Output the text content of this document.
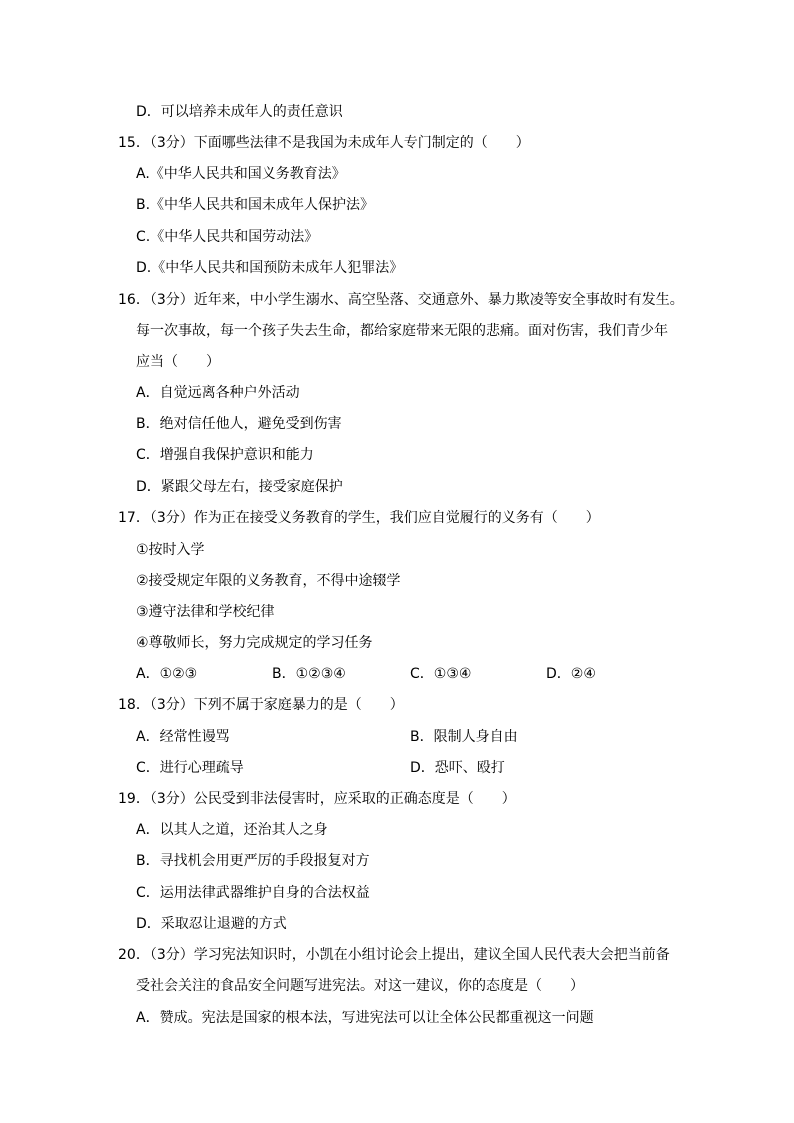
D．可以培养未成年人的责任意识
15．（3分）下面哪些法律不是我国为未成年人专门制定的（　　）
A.《中华人民共和国义务教育法》
B.《中华人民共和国未成年人保护法》
C.《中华人民共和国劳动法》
D.《中华人民共和国预防未成年人犯罪法》
16．（3分）近年来，中小学生溺水、高空坠落、交通意外、暴力欺凌等安全事故时有发生。
每一次事故，每一个孩子失去生命，都给家庭带来无限的悲痛。面对伤害，我们青少年
应当（　　）
A．自觉远离各种户外活动
B．绝对信任他人，避免受到伤害
C．增强自我保护意识和能力
D．紧跟父母左右，接受家庭保护
17．（3分）作为正在接受义务教育的学生，我们应自觉履行的义务有（　　）
①按时入学
②接受规定年限的义务教育，不得中途辍学
③遵守法律和学校纪律
④尊敬师长，努力完成规定的学习任务
A．①②③	B．①②③④	C．①③④	D．②④
18．（3分）下列不属于家庭暴力的是（　　）
A．经常性谩骂	B．限制人身自由
C．进行心理疏导	D．恐吓、殴打
19．（3分）公民受到非法侵害时，应采取的正确态度是（　　）
A．以其人之道，还治其人之身
B．寻找机会用更严厉的手段报复对方
C．运用法律武器维护自身的合法权益
D．采取忍让退避的方式
20．（3分）学习宪法知识时，小凯在小组讨论会上提出，建议全国人民代表大会把当前备
受社会关注的食品安全问题写进宪法。对这一建议，你的态度是（　　）
A．赞成。宪法是国家的根本法，写进宪法可以让全体公民都重视这一问题
